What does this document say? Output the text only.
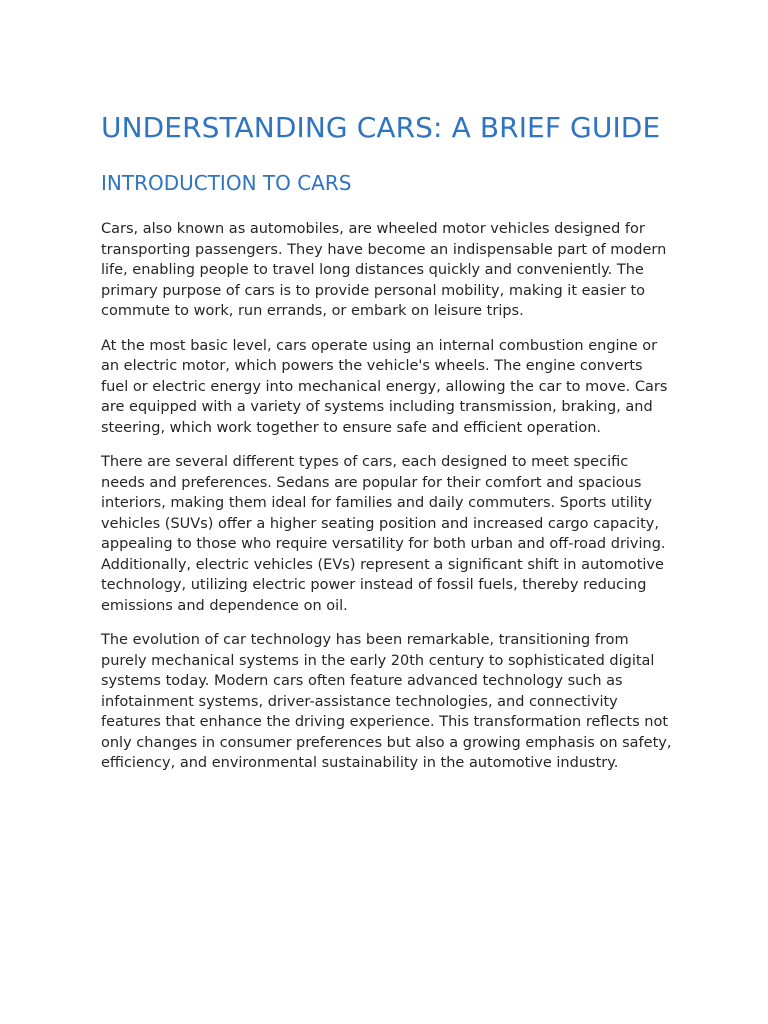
UNDERSTANDING CARS: A BRIEF GUIDE
INTRODUCTION TO CARS

Cars, also known as automobiles, are wheeled motor vehicles designed for transporting passengers. They have become an indispensable part of modern life, enabling people to travel long distances quickly and conveniently. The primary purpose of cars is to provide personal mobility, making it easier to commute to work, run errands, or embark on leisure trips.

At the most basic level, cars operate using an internal combustion engine or an electric motor, which powers the vehicle's wheels. The engine converts fuel or electric energy into mechanical energy, allowing the car to move. Cars are equipped with a variety of systems including transmission, braking, and steering, which work together to ensure safe and efficient operation.

There are several different types of cars, each designed to meet specific needs and preferences. Sedans are popular for their comfort and spacious interiors, making them ideal for families and daily commuters. Sports utility vehicles (SUVs) offer a higher seating position and increased cargo capacity, appealing to those who require versatility for both urban and off-road driving. Additionally, electric vehicles (EVs) represent a significant shift in automotive technology, utilizing electric power instead of fossil fuels, thereby reducing emissions and dependence on oil.

The evolution of car technology has been remarkable, transitioning from purely mechanical systems in the early 20th century to sophisticated digital systems today. Modern cars often feature advanced technology such as infotainment systems, driver-assistance technologies, and connectivity features that enhance the driving experience. This transformation reflects not only changes in consumer preferences but also a growing emphasis on safety, efficiency, and environmental sustainability in the automotive industry.
